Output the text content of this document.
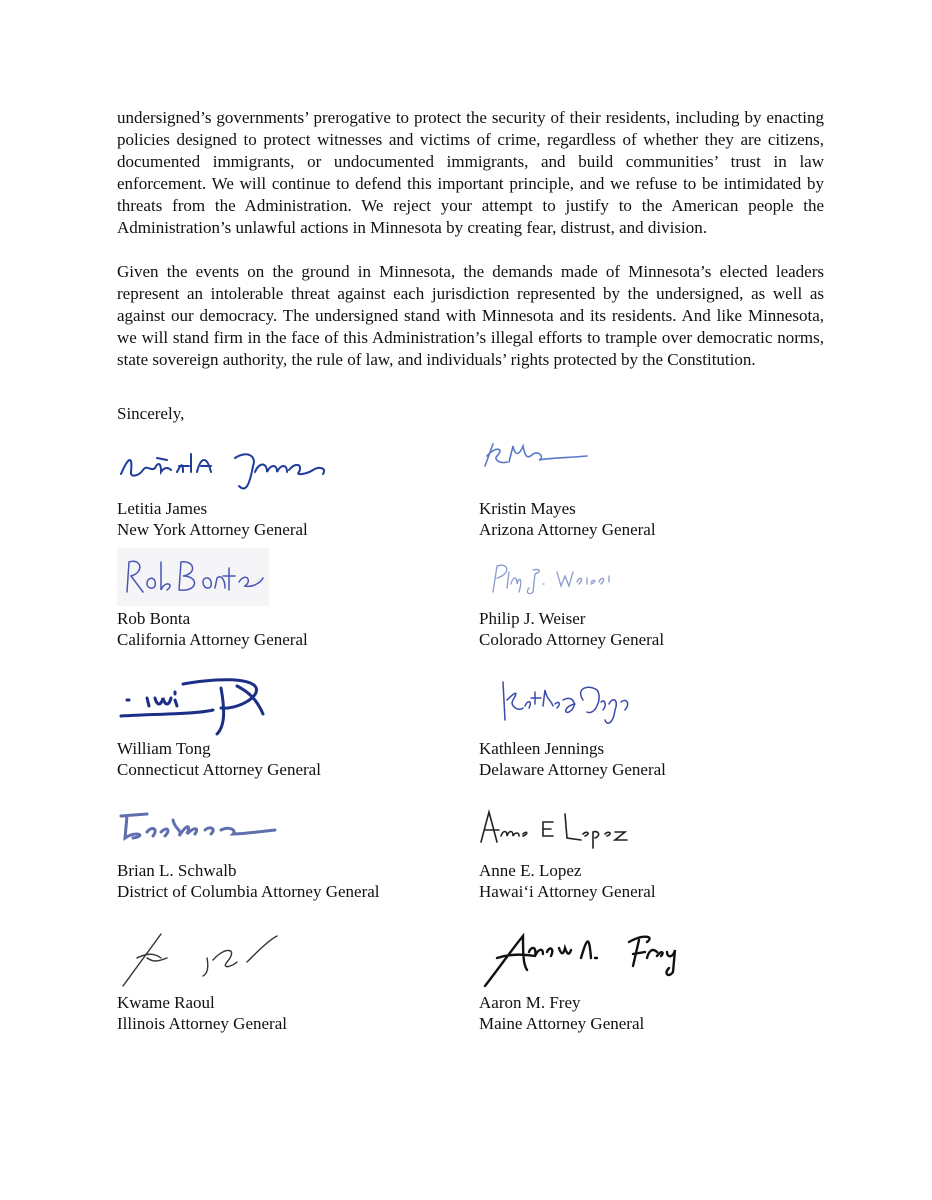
undersigned’s governments’ prerogative to protect the security of their residents, including by enacting policies designed to protect witnesses and victims of crime, regardless of whether they are citizens, documented immigrants, or undocumented immigrants, and build communities’ trust in law enforcement. We will continue to defend this important principle, and we refuse to be intimidated by threats from the Administration. We reject your attempt to justify to the American people the Administration’s unlawful actions in Minnesota by creating fear, distrust, and division.

Given the events on the ground in Minnesota, the demands made of Minnesota’s elected leaders represent an intolerable threat against each jurisdiction represented by the undersigned, as well as against our democracy. The undersigned stand with Minnesota and its residents. And like Minnesota, we will stand firm in the face of this Administration’s illegal efforts to trample over democratic norms, state sovereign authority, the rule of law, and individuals’ rights protected by the Constitution.

Sincerely,
Letitia James
New York Attorney General
Kristin Mayes
Arizona Attorney General
Rob Bonta
California Attorney General
Philip J. Weiser
Colorado Attorney General
William Tong
Connecticut Attorney General
Kathleen Jennings
Delaware Attorney General
Brian L. Schwalb
District of Columbia Attorney General
Anne E. Lopez
Hawai‘i Attorney General
Kwame Raoul
Illinois Attorney General
Aaron M. Frey
Maine Attorney General
